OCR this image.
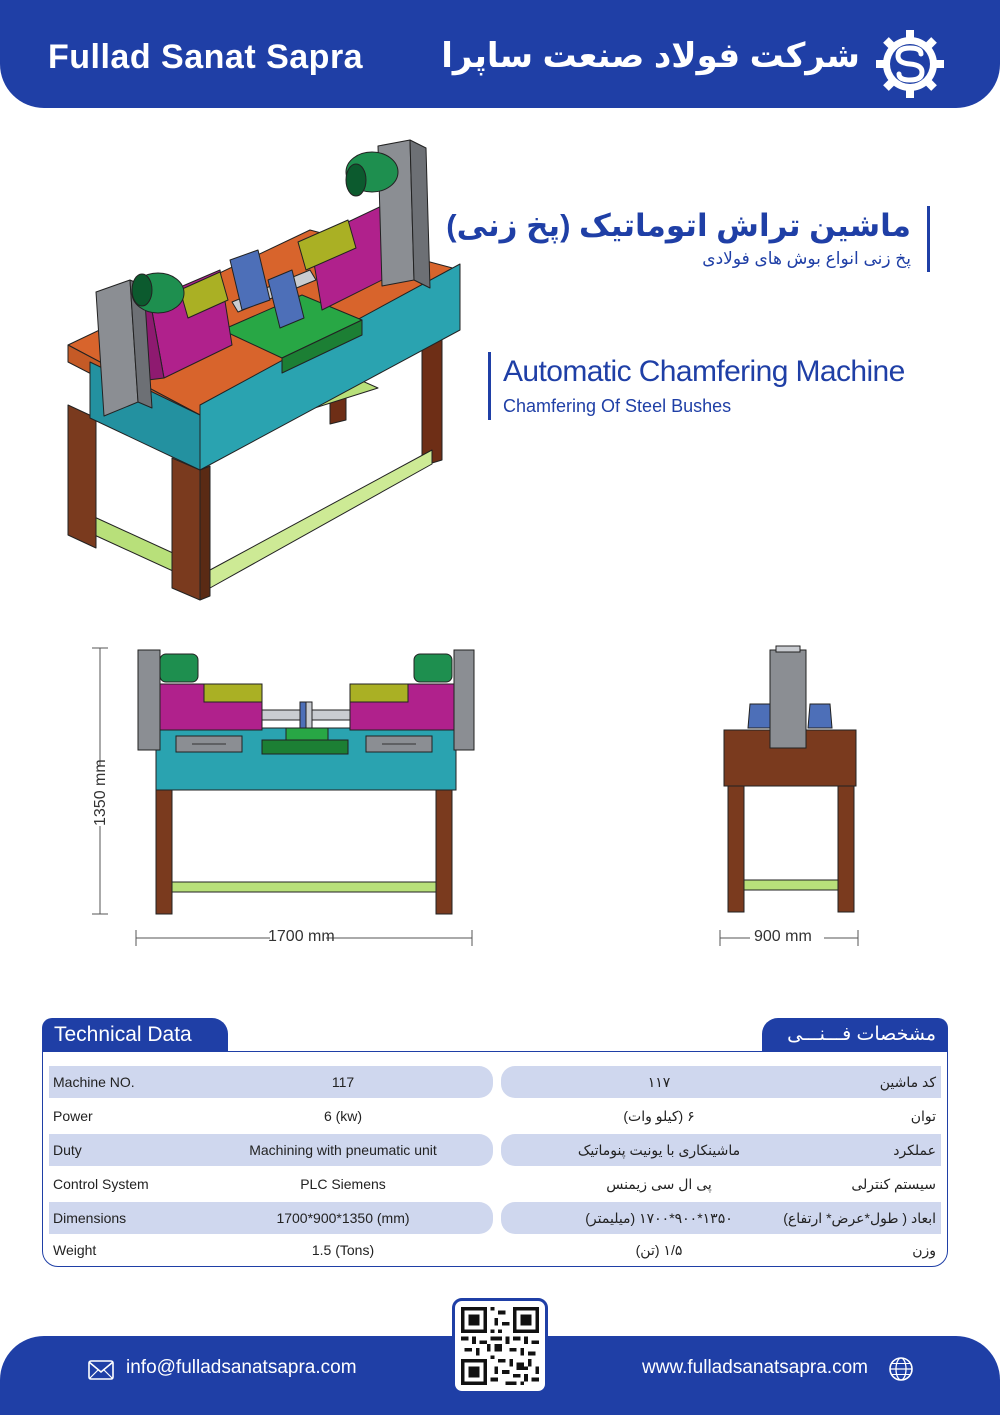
Fullad Sanat Sapra شرکت فولاد صنعت ساپرا
ماشین تراش اتوماتیک (پخ زنی)
پخ زنی انواع بوش های فولادی
Automatic Chamfering Machine
Chamfering Of Steel Bushes
1350 mm
1700 mm	900 mm
Technical Data	مشخصات فـــنـــی
Machine NO.	117	۱۱۷	کد ماشین
Power	6 (kw)	۶ (کیلو وات)	توان
Duty	Machining with pneumatic unit	ماشینکاری با یونیت پنوماتیک	عملکرد
Control System	PLC Siemens	پی ال سی زیمنس	سیستم کنترلی
Dimensions	1700*900*1350 (mm)	۱۳۵۰*۹۰۰*۱۷۰۰ (میلیمتر)	ابعاد ( طول*عرض* ارتفاع)
Weight	1.5 (Tons)	۱/۵ (تن)	وزن
info@fulladsanatsapra.com	www.fulladsanatsapra.com
